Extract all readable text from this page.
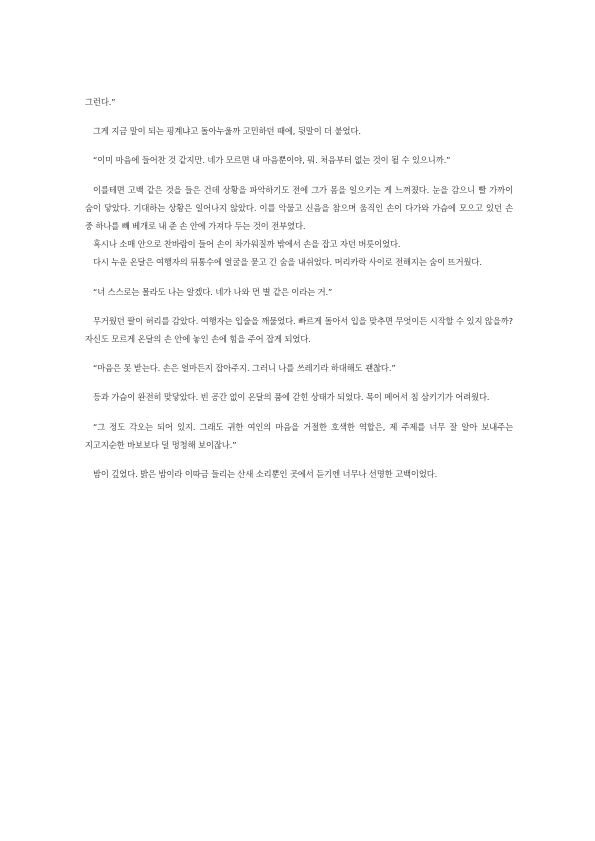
그런다.”

그게 지금 말이 되는 핑계냐고 돌아누울까 고민하던 때에, 뒷말이 더 붙었다.

“이미 마음에 들어찬 것 같지만. 네가 모르면 내 마음뿐이야, 뭐. 처음부터 없는 것이 될 수 있으니까.”

이를테면 고백 같은 것을 들은 건데 상황을 파악하기도 전에 그가 몸을 일으키는 게 느껴졌다. 눈을 감으니 빨 가까이 숨이 닿았다. 기대하는 상황은 일어나지 않았다. 이를 악물고 신음을 참으며 움직인 손이 다가와 가슴에 모으고 있던 손 중 하나를 빼 베개로 내 준 손 안에 가져다 두는 것이 전부였다.

혹시나 소매 안으로 찬바람이 들어 손이 차가워질까 밖에서 손을 잡고 자던 버릇이었다.

다시 누운 온달은 여행자의 뒤통수에 얼굴을 묻고 긴 숨을 내쉬었다. 머리카락 사이로 전해지는 숨이 뜨거웠다.

“너 스스로는 몰라도 나는 알겠다. 네가 나와 먼 별 같은 이라는 거.”

무거웠던 팔이 허리를 감았다. 여행자는 입술을 깨물었다. 빠르게 돌아서 입을 맞추면 무엇이든 시작할 수 있지 않을까? 자신도 모르게 온달의 손 안에 놓인 손에 힘을 주어 잡게 되었다.

“마음은 못 받는다. 손은 얼마든지 잡아주지. 그러니 나를 쓰레기라 하대해도 괜찮다.”

등과 가슴이 완전히 맞닿았다. 빈 공간 없이 온달의 품에 갇힌 상태가 되었다. 목이 메어서 침 삼키기가 어려웠다.

“그 정도 각오는 되어 있지. 그래도 귀한 여인의 마음을 거절한 호색한 역할은, 제 주제를 너무 잘 알아 보내주는 지고지순한 바보보다 덜 멍청해 보이잖나.”

밤이 깊었다. 밝은 밤이라 이따금 들리는 산새 소리뿐인 곳에서 듣기엔 너무나 선명한 고백이었다.
